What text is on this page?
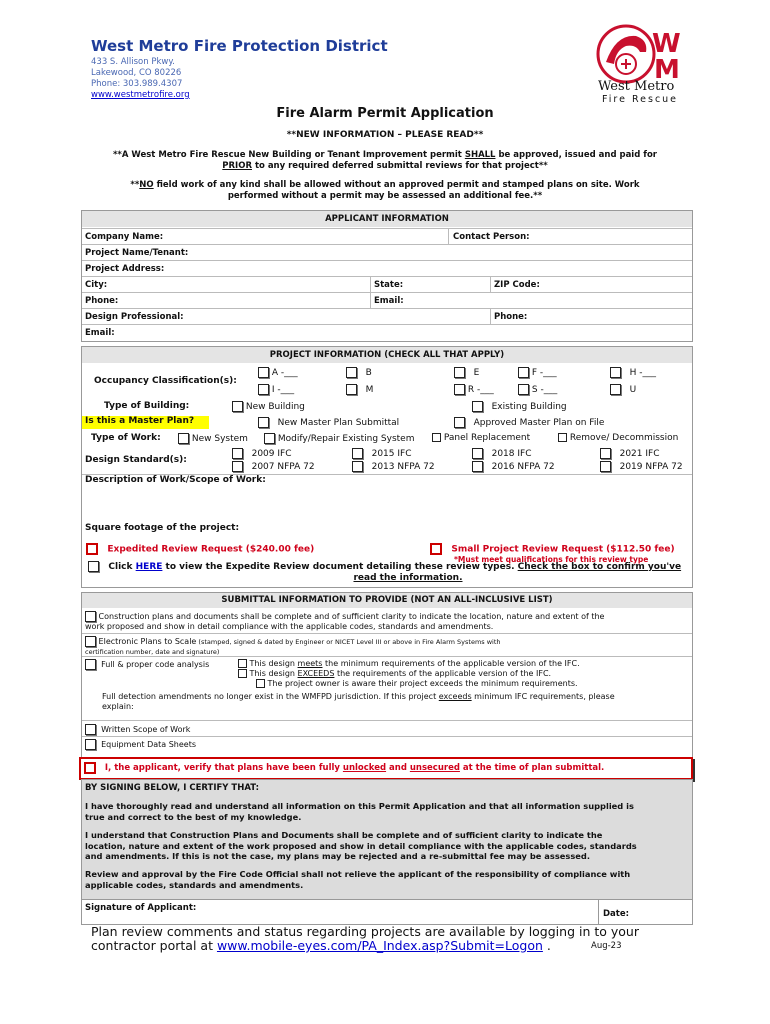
West Metro Fire Protection District
433 S. Allison Pkwy.
Lakewood, CO 80226
Phone: 303.989.4307
www.westmetrofire.org
W
M
West Metro
Fire Rescue
Fire Alarm Permit Application
**NEW INFORMATION – PLEASE READ**
**A West Metro Fire Rescue New Building or Tenant Improvement permit SHALL be approved, issued and paid for
PRIOR to any required deferred submittal reviews for that project**
**NO field work of any kind shall be allowed without an approved permit and stamped plans on site. Work
performed without a permit may be assessed an additional fee.**
APPLICANT INFORMATION
Company Name:	Contact Person:
Project Name/Tenant:
Project Address:
City:	State:	ZIP Code:
Phone:	Email:
Design Professional:	Phone:
Email:
PROJECT INFORMATION (CHECK ALL THAT APPLY)
Occupancy Classification(s):
A -___	B	E	F -___	H -___
I -___	M	R -___	S -___	U
Type of Building:	New Building	Existing Building
Is this a Master Plan?	New Master Plan Submittal	Approved Master Plan on File
Type of Work:	New System	Modify/Repair Existing System	Panel Replacement	Remove/ Decommission
Design Standard(s):
2009 IFC	2015 IFC	2018 IFC	2021 IFC
2007 NFPA 72	2013 NFPA 72	2016 NFPA 72	2019 NFPA 72
Description of Work/Scope of Work:
Square footage of the project:
Expedited Review Request ($240.00 fee)	Small Project Review Request ($112.50 fee)
*Must meet qualifications for this review type
Click HERE to view the Expedite Review document detailing these review types. Check the box to confirm you've
read the information.
SUBMITTAL INFORMATION TO PROVIDE (NOT AN ALL-INCLUSIVE LIST)
Construction plans and documents shall be complete and of sufficient clarity to indicate the location, nature and extent of the
work proposed and show in detail compliance with the applicable codes, standards and amendments.
Electronic Plans to Scale (stamped, signed & dated by Engineer or NICET Level III or above in Fire Alarm Systems with
certification number, date and signature)
Full & proper code analysis	This design meets the minimum requirements of the applicable version of the IFC.
This design EXCEEDS the requirements of the applicable version of the IFC.
The project owner is aware their project exceeds the minimum requirements.
Full detection amendments no longer exist in the WMFPD jurisdiction. If this project exceeds minimum IFC requirements, please
explain:
Written Scope of Work
Equipment Data Sheets
I, the applicant, verify that plans have been fully unlocked and unsecured at the time of plan submittal.
BY SIGNING BELOW, I CERTIFY THAT:
I have thoroughly read and understand all information on this Permit Application and that all information supplied is
true and correct to the best of my knowledge.
I understand that Construction Plans and Documents shall be complete and of sufficient clarity to indicate the
location, nature and extent of the work proposed and show in detail compliance with the applicable codes, standards
and amendments. If this is not the case, my plans may be rejected and a re-submittal fee may be assessed.
Review and approval by the Fire Code Official shall not relieve the applicant of the responsibility of compliance with
applicable codes, standards and amendments.
Signature of Applicant:
Date:
Plan review comments and status regarding projects are available by logging in to your
contractor portal at www.mobile-eyes.com/PA_Index.asp?Submit=Logon .	Aug-23
